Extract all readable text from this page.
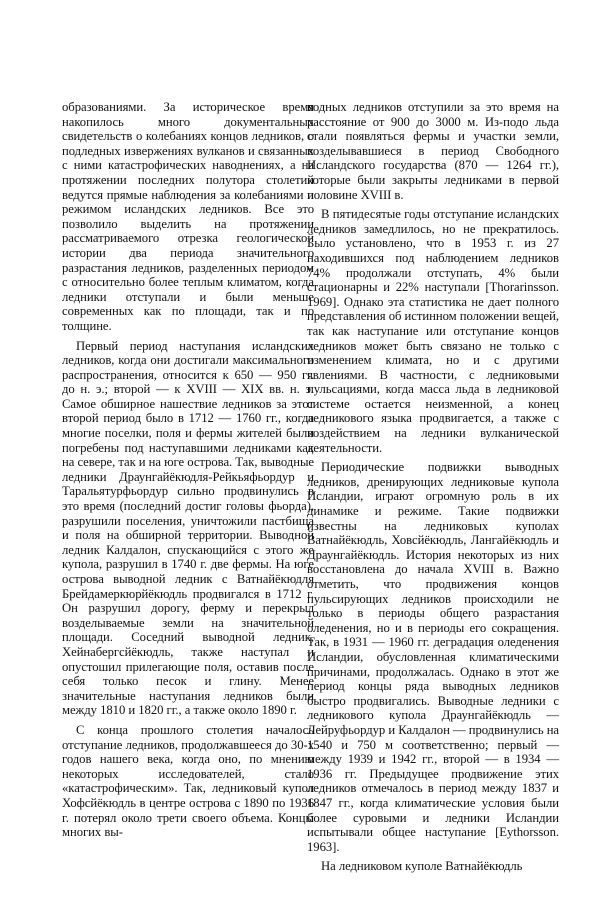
образованиями. За историческое время накопилось много документальных свидетельств о колебаниях концов ледников, о подледных извержениях вулканов и связанных с ними катастрофических наводнениях, а на протяжении последних полутора столетий ведутся прямые наблюдения за колебаниями и режимом исландских ледников. Все это позволило выделить на протяжении рассматриваемого отрезка геологической истории два периода значительного разрастания ледников, разделенных периодом с относительно более теплым климатом, когда ледники отступали и были меньше современных как по площади, так и по толщине.

Первый период наступания исландских ледников, когда они достигали максимального распространения, относится к 650 — 950 гг. до н. э.; второй — к XVIII — XIX вв. н. э. Самое обширное нашествие ледников за этот второй период было в 1712 — 1760 гг., когда многие поселки, поля и фермы жителей были погребены под наступавшими ледниками как на севере, так и на юге острова. Так, выводные ледники Драунгайёкюдля-Рейкьяфьордур и Таральятурфьордур сильно продвинулись в это время (последний достиг головы фьорда), разрушили поселения, уничтожили пастбища и поля на обширной территории. Выводной ледник Калдалон, спускающийся с этого же купола, разрушил в 1740 г. две фермы. На юге острова выводной ледник с Ватнайёкюдля Брейдамеркюрйёкюдль продвигался в 1712 г. Он разрушил дорогу, ферму и перекрыл возделываемые земли на значительной площади. Соседний выводной ледник, Хейнабергсйёкюдль, также наступал и опустошил прилегающие поля, оставив после себя только песок и глину. Менее значительные наступания ледников были между 1810 и 1820 гг., а также около 1890 г.

С конца прошлого столетия началось отступание ледников, продолжавшееся до 30-х годов нашего века, когда оно, по мнению некоторых исследователей, стало «катастрофическим». Так, ледниковый купол Хофсйёкюдль в центре острова с 1890 по 1936 г. потерял около трети своего объема. Концы многих вы-

водных ледников отступили за это время на расстояние от 900 до 3000 м. Из-подо льда стали появляться фермы и участки земли, возделывавшиеся в период Свободного Исландского государства (870 — 1264 гг.), которые были закрыты ледниками в первой половине XVIII в.

В пятидесятые годы отступание исландских ледников замедлилось, но не прекратилось. Было установлено, что в 1953 г. из 27 находившихся под наблюдением ледников 74% продолжали отступать, 4% были стационарны и 22% наступали [Thorarinsson. 1969]. Однако эта статистика не дает полного представления об истинном положении вещей, так как наступание или отступание концов ледников может быть связано не только с изменением климата, но и с другими явлениями. В частности, с ледниковыми пульсациями, когда масса льда в ледниковой системе остается неизменной, а конец ледникового языка продвигается, а также с воздействием на ледники вулканической деятельности.

Периодические подвижки выводных ледников, дренирующих ледниковые купола Исландии, играют огромную роль в их динамике и режиме. Такие подвижки известны на ледниковых куполах Ватнайёкюдль, Ховсйёкюдль, Лангайёкюдль и Драунгайёкюдль. История некоторых из них восстановлена до начала XVIII в. Важно отметить, что продвижения концов пульсирующих ледников происходили не только в периоды общего разрастания оледенения, но и в периоды его сокращения. Так, в 1931 — 1960 гг. деградация оледенения Исландии, обусловленная климатическими причинами, продолжалась. Однако в этот же период концы ряда выводных ледников быстро продвигались. Выводные ледники с ледникового купола Драунгайёкюдль — Лейруфьордур и Калдалон — продвинулись на 1540 и 750 м соответственно; первый — между 1939 и 1942 гг., второй — в 1934 — 1936 гг. Предыдущее продвижение этих ледников отмечалось в период между 1837 и 1847 гг., когда климатические условия были более суровыми и ледники Исландии испытывали общее наступание [Eythorsson. 1963].

На ледниковом куполе Ватнайёкюдль
